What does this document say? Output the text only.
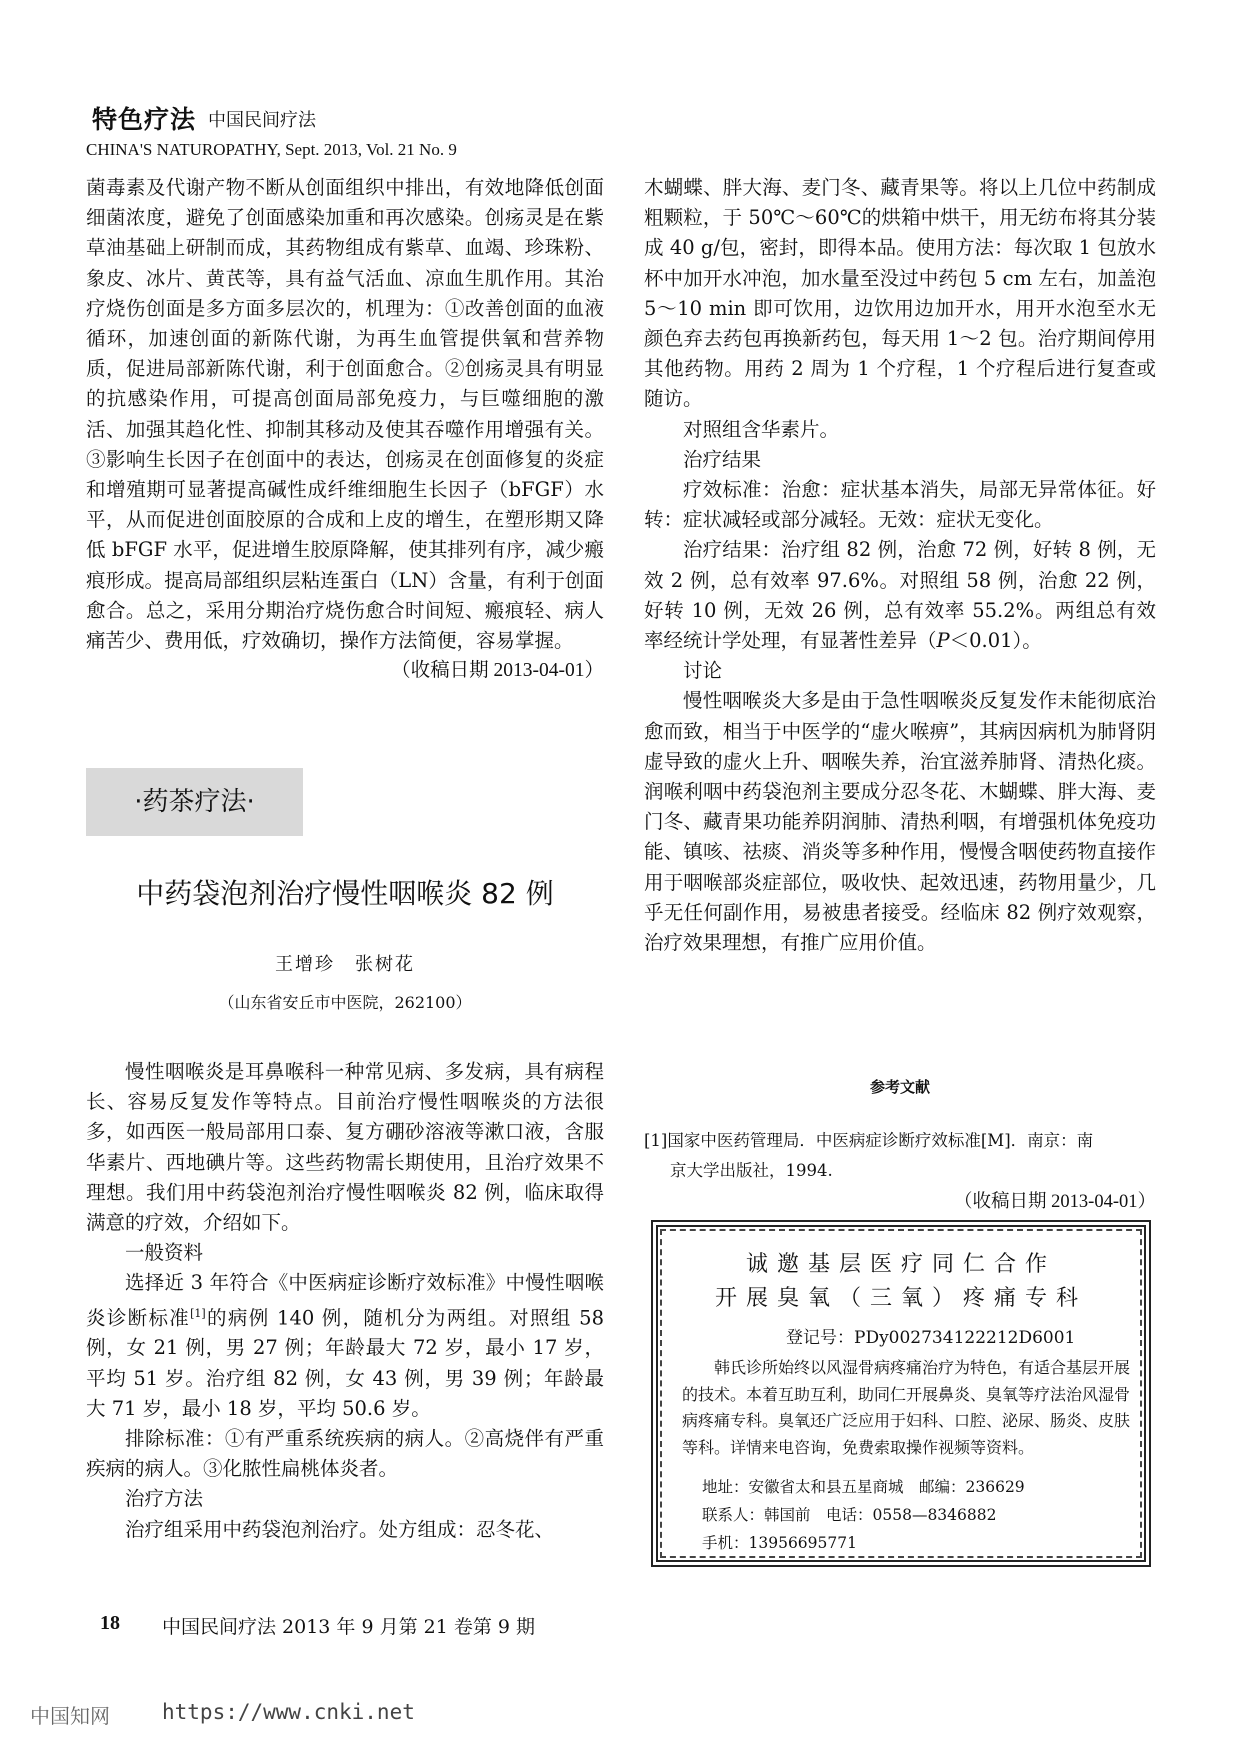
特色疗法 中国民间疗法
CHINA'S NATUROPATHY, Sept. 2013, Vol. 21 No. 9

菌毒素及代谢产物不断从创面组织中排出，有效地降低创面细菌浓度，避免了创面感染加重和再次感染。创疡灵是在紫草油基础上研制而成，其药物组成有紫草、血竭、珍珠粉、象皮、冰片、黄芪等，具有益气活血、凉血生肌作用。其治疗烧伤创面是多方面多层次的，机理为：①改善创面的血液循环，加速创面的新陈代谢，为再生血管提供氧和营养物质，促进局部新陈代谢，利于创面愈合。②创疡灵具有明显的抗感染作用，可提高创面局部免疫力，与巨噬细胞的激活、加强其趋化性、抑制其移动及使其吞噬作用增强有关。③影响生长因子在创面中的表达，创疡灵在创面修复的炎症和增殖期可显著提高碱性成纤维细胞生长因子（bFGF）水平，从而促进创面胶原的合成和上皮的增生，在塑形期又降低 bFGF 水平，促进增生胶原降解，使其排列有序，减少瘢痕形成。提高局部组织层粘连蛋白（LN）含量，有利于创面愈合。总之，采用分期治疗烧伤愈合时间短、瘢痕轻、病人痛苦少、费用低，疗效确切，操作方法简便，容易掌握。

（收稿日期 2013-04-01）

·药茶疗法·
中药袋泡剂治疗慢性咽喉炎 82 例
王增珍　张树花
（山东省安丘市中医院，262100）

慢性咽喉炎是耳鼻喉科一种常见病、多发病，具有病程长、容易反复发作等特点。目前治疗慢性咽喉炎的方法很多，如西医一般局部用口泰、复方硼砂溶液等漱口液，含服华素片、西地碘片等。这些药物需长期使用，且治疗效果不理想。我们用中药袋泡剂治疗慢性咽喉炎 82 例，临床取得满意的疗效，介绍如下。

一般资料

选择近 3 年符合《中医病症诊断疗效标准》中慢性咽喉炎诊断标准[1]的病例 140 例，随机分为两组。对照组 58 例，女 21 例，男 27 例；年龄最大 72 岁，最小 17 岁，平均 51 岁。治疗组 82 例，女 43 例，男 39 例；年龄最大 71 岁，最小 18 岁，平均 50.6 岁。

排除标准：①有严重系统疾病的病人。②高烧伴有严重疾病的病人。③化脓性扁桃体炎者。

治疗方法

治疗组采用中药袋泡剂治疗。处方组成：忍冬花、

木蝴蝶、胖大海、麦门冬、藏青果等。将以上几位中药制成粗颗粒，于 50℃～60℃的烘箱中烘干，用无纺布将其分装成 40 g/包，密封，即得本品。使用方法：每次取 1 包放水杯中加开水冲泡，加水量至没过中药包 5 cm 左右，加盖泡 5～10 min 即可饮用，边饮用边加开水，用开水泡至水无颜色弃去药包再换新药包，每天用 1～2 包。治疗期间停用其他药物。用药 2 周为 1 个疗程，1 个疗程后进行复查或随访。

对照组含华素片。

治疗结果

疗效标准：治愈：症状基本消失，局部无异常体征。好转：症状减轻或部分减轻。无效：症状无变化。

治疗结果：治疗组 82 例，治愈 72 例，好转 8 例，无效 2 例，总有效率 97.6%。对照组 58 例，治愈 22 例，好转 10 例，无效 26 例，总有效率 55.2%。两组总有效率经统计学处理，有显著性差异（P＜0.01）。

讨论

慢性咽喉炎大多是由于急性咽喉炎反复发作未能彻底治愈而致，相当于中医学的“虚火喉痹”，其病因病机为肺肾阴虚导致的虚火上升、咽喉失养，治宜滋养肺肾、清热化痰。润喉利咽中药袋泡剂主要成分忍冬花、木蝴蝶、胖大海、麦门冬、藏青果功能养阴润肺、清热利咽，有增强机体免疫功能、镇咳、祛痰、消炎等多种作用，慢慢含咽使药物直接作用于咽喉部炎症部位，吸收快、起效迅速，药物用量少，几乎无任何副作用，易被患者接受。经临床 82 例疗效观察，治疗效果理想，有推广应用价值。

参考文献
[1]国家中医药管理局．中医病症诊断疗效标准[M]．南京：南
京大学出版社，1994.
（收稿日期 2013-04-01）
诚邀基层医疗同仁合作
开展臭氧（三氧）疼痛专科
登记号：PDy002734122212D6001
韩氏诊所始终以风湿骨病疼痛治疗为特色，有适合基层开展的技术。本着互助互利，助同仁开展鼻炎、臭氧等疗法治风湿骨病疼痛专科。臭氧还广泛应用于妇科、口腔、泌尿、肠炎、皮肤等科。详情来电咨询，免费索取操作视频等资料。
地址：安徽省太和县五星商城　邮编：236629
联系人：韩国前　电话：0558—8346882
手机：13956695771
18 中国民间疗法 2013 年 9 月第 21 卷第 9 期
中国知网 https://www.cnki.net
